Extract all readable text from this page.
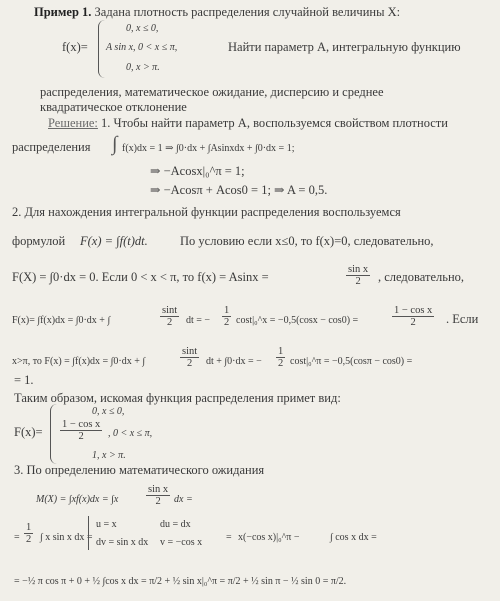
Пример 1. Задана плотность распределения случайной величины Х:
f(x)=
0, x ≤ 0,
A sin x, 0 < x ≤ π,
0, x > π.
Найти параметр А, интегральную функцию
распределения, математическое ожидание, дисперсию и среднее
квадратическое отклонение
Решение: 1. Чтобы найти параметр А, воспользуемся свойством плотности
распределения ∫ f(x)dx = 1 ⇒ ∫0·dx + ∫Asinxdx + ∫0·dx = 1;
⇒ −Acosx|₀^π = 1;
⇒ −Acosπ + Acos0 = 1; ⇒ A = 0,5.
2. Для нахождения интегральной функции распределения воспользуемся
формулой F(x) = ∫f(t)dt.	По условию если x≤0, то f(x)=0, следовательно,
F(X) = ∫0·dx = 0. Если 0 < x < π, то f(x) = Asinx =	$\frac{\text{sin x}}{2}$ , следовательно,
F(x)= ∫f(x)dx = ∫0·dx + ∫	$\frac{\sin t}{2}$ dt = − $\frac{1}{2}$ cost|₀^x = −0,5(cosx − cos0) =	$\frac{\text{1 − cos x}}{2}$ . Если
x>π, то F(x) = ∫f(x)dx = ∫0·dx + ∫	$\frac{\sin t}{2}$ dt + ∫0·dx = − $\frac{1}{2}$ cost|₀^π = −0,5(cosπ − cos0) =
= 1.
Таким образом, искомая функция распределения примет вид:
F(x)=
0, x ≤ 0,
$\frac{\text{1 − cos x}}{2}$ , 0 < x ≤ π,
1, x > π.
3. По определению математического ожидания
M(X) = ∫xf(x)dx = ∫x	$\frac{\text{sin x}}{2}$ dx =
= $\frac{1}{2}$ ∫ x sin x dx =
u = x	du = dx
dv = sin x dx v = −cos x = x(−cos x)|₀^π −	∫ cos x dx =
= −½ π cos π + 0 + ½ ∫cos x dx = π/2 + ½ sin x|₀^π = π/2 + ½ sin π − ½ sin 0 = π/2.
